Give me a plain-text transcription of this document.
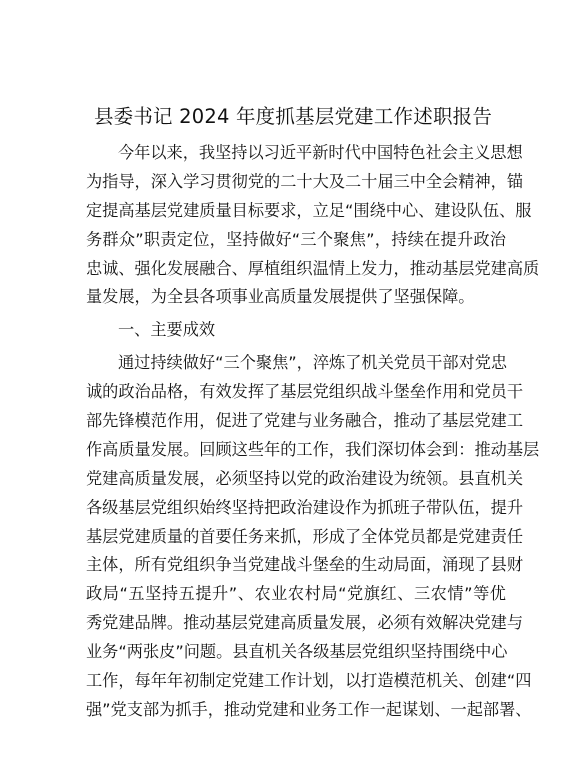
县委书记 2024 年度抓基层党建工作述职报告
今年以来，我坚持以习近平新时代中国特色社会主义思想
为指导，深入学习贯彻党的二十大及二十届三中全会精神，锚
定提高基层党建质量目标要求，立足“围绕中心、建设队伍、服
务群众”职责定位，坚持做好“三个聚焦”，持续在提升政治
忠诚、强化发展融合、厚植组织温情上发力，推动基层党建高质
量发展，为全县各项事业高质量发展提供了坚强保障。
一、主要成效
通过持续做好“三个聚焦”，淬炼了机关党员干部对党忠
诚的政治品格，有效发挥了基层党组织战斗堡垒作用和党员干
部先锋模范作用，促进了党建与业务融合，推动了基层党建工
作高质量发展。回顾这些年的工作，我们深切体会到：推动基层
党建高质量发展，必须坚持以党的政治建设为统领。县直机关
各级基层党组织始终坚持把政治建设作为抓班子带队伍，提升
基层党建质量的首要任务来抓，形成了全体党员都是党建责任
主体，所有党组织争当党建战斗堡垒的生动局面，涌现了县财
政局“五坚持五提升”、农业农村局“党旗红、三农情”等优
秀党建品牌。推动基层党建高质量发展，必须有效解决党建与
业务“两张皮”问题。县直机关各级基层党组织坚持围绕中心
工作，每年年初制定党建工作计划，以打造模范机关、创建“四
强”党支部为抓手，推动党建和业务工作一起谋划、一起部署、
